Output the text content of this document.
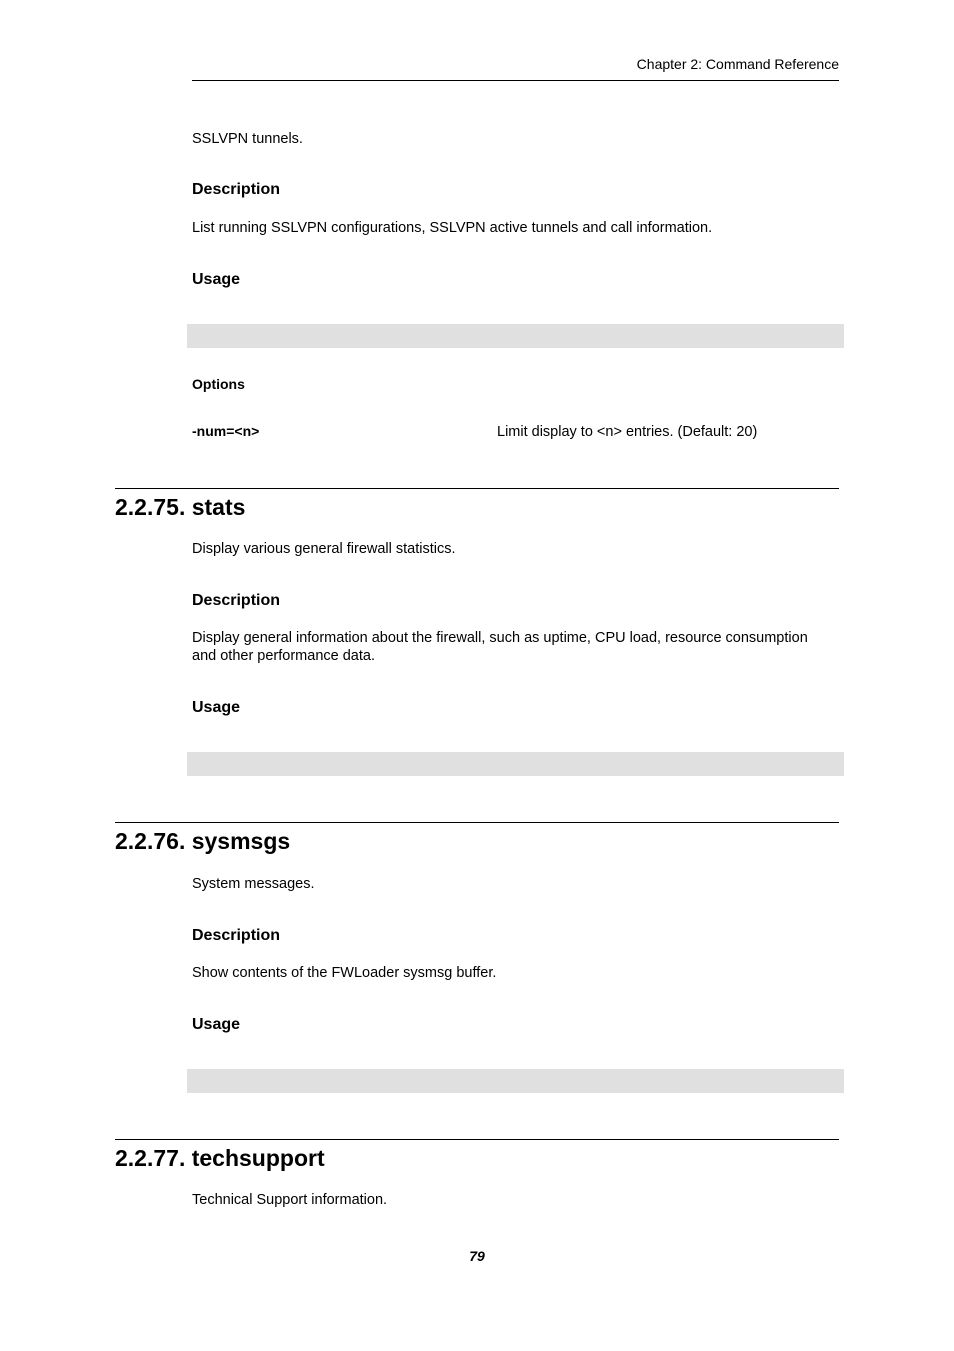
Chapter 2: Command Reference
SSLVPN tunnels.
Description
List running SSLVPN configurations, SSLVPN active tunnels and call information.
Usage
Options
-num=<n>	Limit display to <n> entries. (Default: 20)
2.2.75. stats
Display various general firewall statistics.
Description
Display general information about the firewall, such as uptime, CPU load, resource consumption
and other performance data.
Usage
2.2.76. sysmsgs
System messages.
Description
Show contents of the FWLoader sysmsg buffer.
Usage
2.2.77. techsupport
Technical Support information.
79
